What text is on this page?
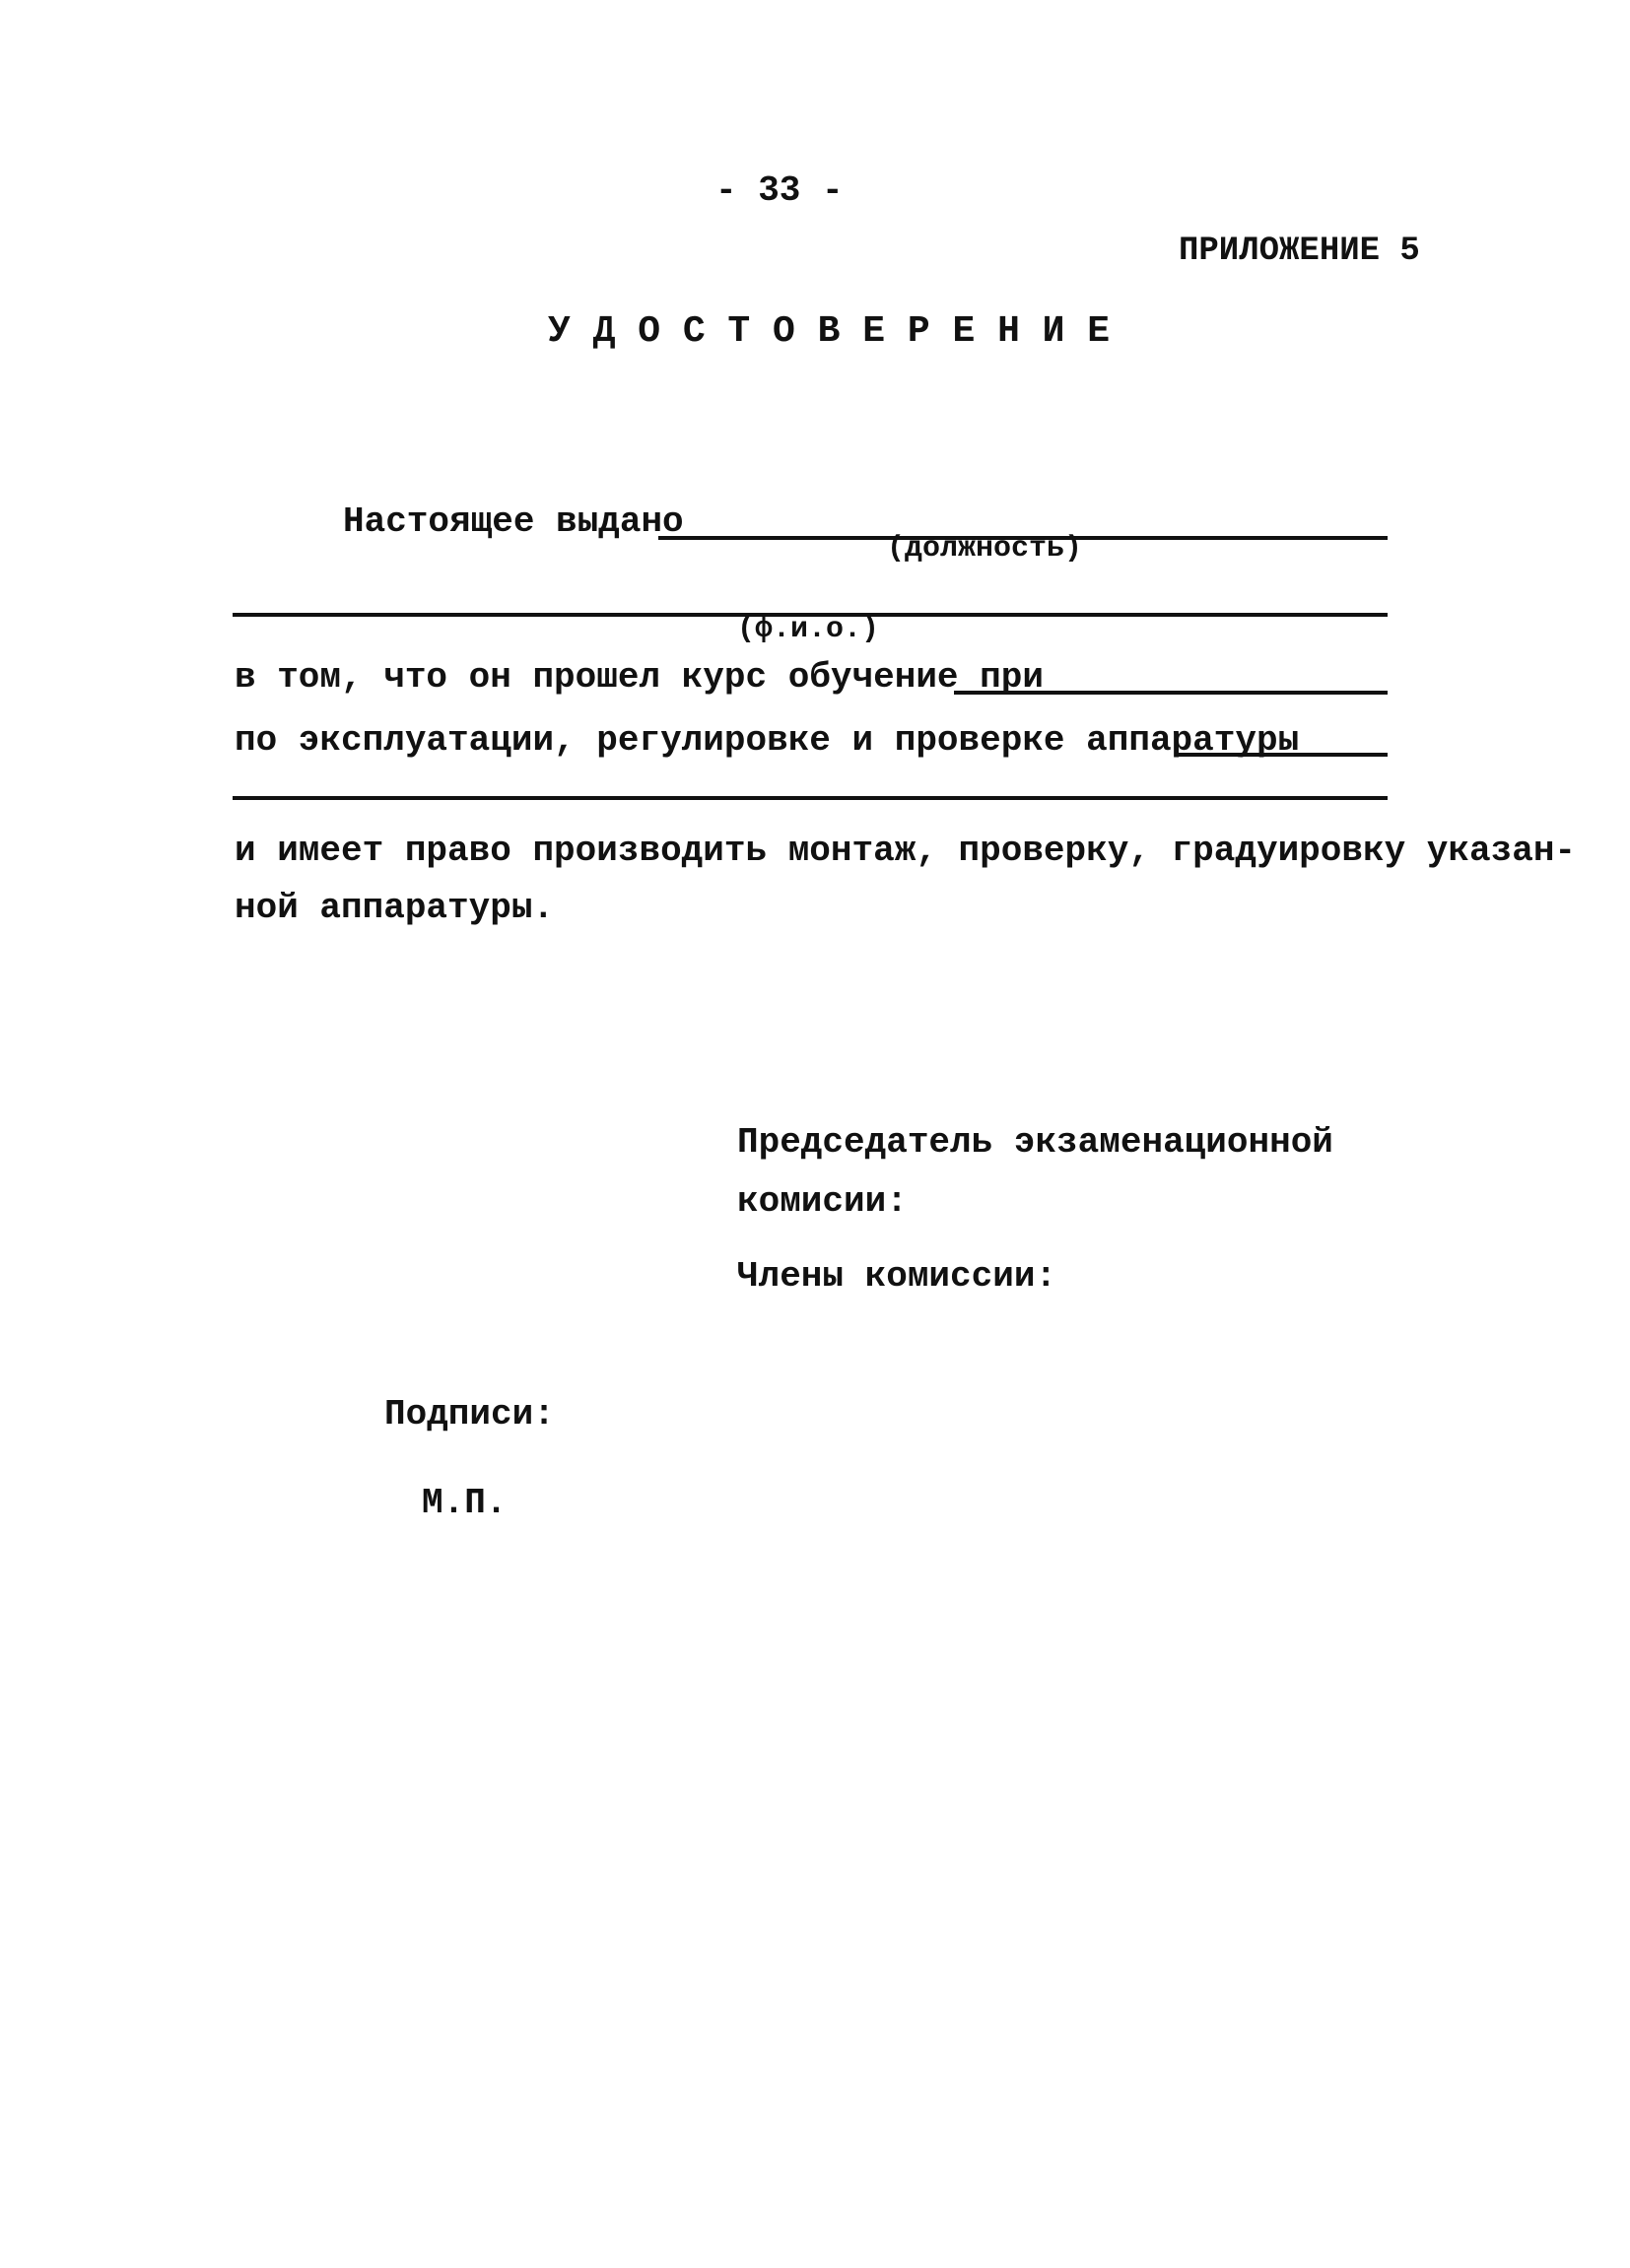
- 33 -
ПРИЛОЖЕНИЕ 5
У Д О С Т О В Е Р Е Н И Е
Настоящее выдано
(должность)
(ф.и.о.)
в том, что он прошел курс обучение при
по эксплуатации, регулировке и проверке аппаратуры
и имеет право производить монтаж, проверку, градуировку указан-
ной аппаратуры.
Председатель экзаменационной
комисии:
Члены комиссии:
Подписи:
М.П.
